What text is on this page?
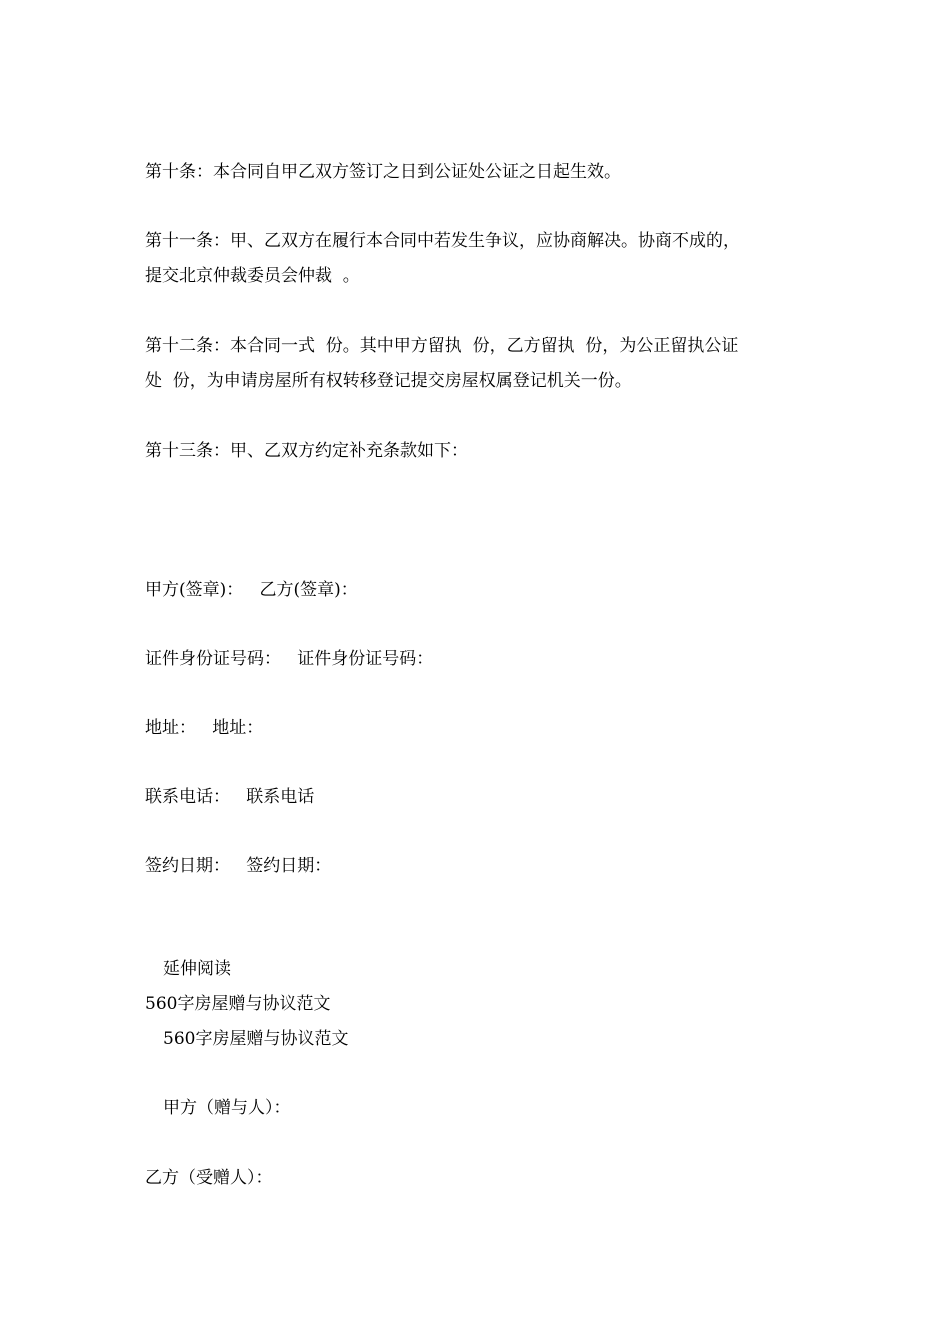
第十条：本合同自甲乙双方签订之日到公证处公证之日起生效。
第十一条：甲、乙双方在履行本合同中若发生争议，应协商解决。协商不成的，
提交北京仲裁委员会仲裁  。
第十二条：本合同一式  份。其中甲方留执  份，乙方留执  份，为公正留执公证
处  份，为申请房屋所有权转移登记提交房屋权属登记机关一份。
第十三条：甲、乙双方约定补充条款如下：
甲方(签章)：   乙方(签章)：
证件身份证号码：   证件身份证号码：
地址：   地址：
联系电话：   联系电话
签约日期：   签约日期：
延伸阅读
560字房屋赠与协议范文
560字房屋赠与协议范文
甲方（赠与人）：
乙方（受赠人）：
